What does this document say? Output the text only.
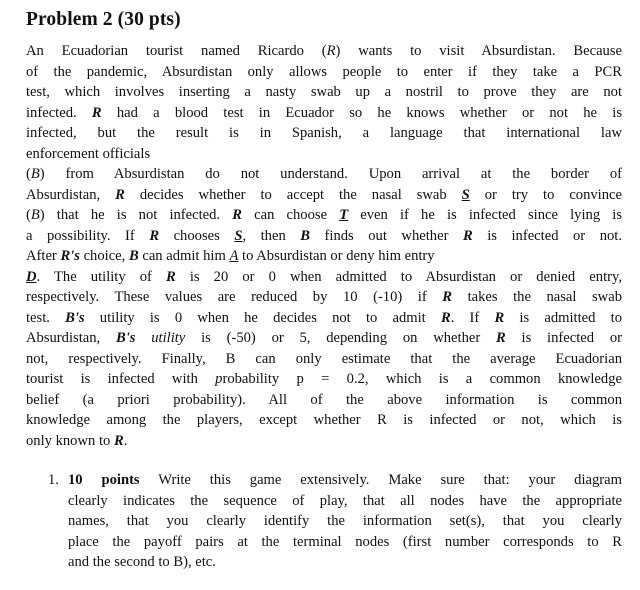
Problem 2 (30 pts)
An Ecuadorian tourist named Ricardo (R) wants to visit Absurdistan. Because
of the pandemic, Absurdistan only allows people to enter if they take a PCR
test, which involves inserting a nasty swab up a nostril to prove they are not
infected. R had a blood test in Ecuador so he knows whether or not he is
infected, but the result is in Spanish, a language that international law
enforcement officials
(B) from Absurdistan do not understand. Upon arrival at the border of
Absurdistan, R decides whether to accept the nasal swab S or try to convince
(B) that he is not infected. R can choose T even if he is infected since lying is
a possibility. If R chooses S, then B finds out whether R is infected or not.
After R's choice, B can admit him A to Absurdistan or deny him entry
D. The utility of R is 20 or 0 when admitted to Absurdistan or denied entry,
respectively. These values are reduced by 10 (-10) if R takes the nasal swab
test. B's utility is 0 when he decides not to admit R. If R is admitted to
Absurdistan, B's utility is (-50) or 5, depending on whether R is infected or
not, respectively. Finally, B can only estimate that the average Ecuadorian
tourist is infected with probability p = 0.2, which is a common knowledge
belief (a priori probability). All of the above information is common
knowledge among the players, except whether R is infected or not, which is
only known to R.
1. 10 points Write this game extensively. Make sure that: your diagram
clearly indicates the sequence of play, that all nodes have the appropriate
names, that you clearly identify the information set(s), that you clearly
place the payoff pairs at the terminal nodes (first number corresponds to R
and the second to B), etc.
